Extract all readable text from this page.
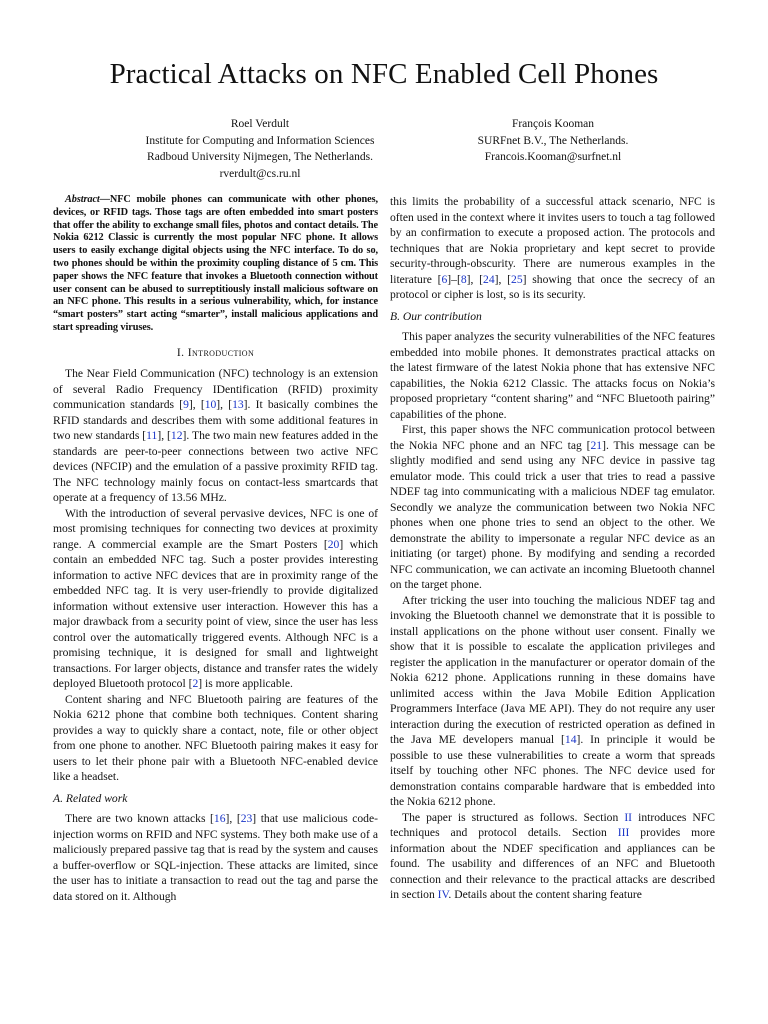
Practical Attacks on NFC Enabled Cell Phones
Roel Verdult
Institute for Computing and Information Sciences
Radboud University Nijmegen, The Netherlands.
rverdult@cs.ru.nl
François Kooman
SURFnet B.V., The Netherlands.
Francois.Kooman@surfnet.nl

Abstract—NFC mobile phones can communicate with other phones, devices, or RFID tags. Those tags are often embedded into smart posters that offer the ability to exchange small files, photos and contact details. The Nokia 6212 Classic is currently the most popular NFC phone. It allows users to easily exchange digital objects using the NFC interface. To do so, two phones should be within the proximity coupling distance of 5 cm. This paper shows the NFC feature that invokes a Bluetooth connection without user consent can be abused to surreptitiously install malicious software on an NFC phone. This results in a serious vulnerability, which, for instance “smart posters” start acting “smarter”, install malicious applications and start spreading viruses.

I. Introduction

The Near Field Communication (NFC) technology is an extension of several Radio Frequency IDentification (RFID) proximity communication standards [9], [10], [13]. It basically combines the RFID standards and describes them with some additional features in two new standards [11], [12]. The two main new features added in the standards are peer-to-peer connections between two active NFC devices (NFCIP) and the emulation of a passive proximity RFID tag. The NFC technology mainly focus on contact-less smartcards that operate at a frequency of 13.56 MHz.

With the introduction of several pervasive devices, NFC is one of most promising techniques for connecting two devices at proximity range. A commercial example are the Smart Posters [20] which contain an embedded NFC tag. Such a poster provides interesting information to active NFC devices that are in proximity range of the embedded NFC tag. It is very user-friendly to provide digitalized information without extensive user interaction. However this has a major drawback from a security point of view, since the user has less control over the automatically triggered events. Although NFC is a promising technique, it is designed for small and lightweight transactions. For larger objects, distance and transfer rates the widely deployed Bluetooth protocol [2] is more applicable.

Content sharing and NFC Bluetooth pairing are features of the Nokia 6212 phone that combine both techniques. Content sharing provides a way to quickly share a contact, note, file or other object from one phone to another. NFC Bluetooth pairing makes it easy for users to let their phone pair with a Bluetooth NFC-enabled device like a headset.

A. Related work

There are two known attacks [16], [23] that use malicious code-injection worms on RFID and NFC systems. They both make use of a maliciously prepared passive tag that is read by the system and causes a buffer-overflow or SQL-injection. These attacks are limited, since the user has to initiate a transaction to read out the tag and parse the data stored on it. Although

this limits the probability of a successful attack scenario, NFC is often used in the context where it invites users to touch a tag followed by an confirmation to execute a proposed action. The protocols and techniques that are Nokia proprietary and kept secret to provide security-through-obscurity. There are numerous examples in the literature [6]–[8], [24], [25] showing that once the secrecy of an protocol or cipher is lost, so is its security.

B. Our contribution

This paper analyzes the security vulnerabilities of the NFC features embedded into mobile phones. It demonstrates practical attacks on the latest firmware of the latest Nokia phone that has extensive NFC capabilities, the Nokia 6212 Classic. The attacks focus on Nokia’s proposed proprietary “content sharing” and “NFC Bluetooth pairing” capabilities of the phone.

First, this paper shows the NFC communication protocol between the Nokia NFC phone and an NFC tag [21]. This message can be slightly modified and send using any NFC device in passive tag emulator mode. This could trick a user that tries to read a passive NDEF tag into communicating with a malicious NDEF tag emulator. Secondly we analyze the communication between two Nokia NFC phones when one phone tries to send an object to the other. We demonstrate the ability to impersonate a regular NFC device as an initiating (or target) phone. By modifying and sending a recorded NFC communication, we can activate an incoming Bluetooth channel on the target phone.

After tricking the user into touching the malicious NDEF tag and invoking the Bluetooth channel we demonstrate that it is possible to install applications on the phone without user consent. Finally we show that it is possible to escalate the application privileges and register the application in the manufacturer or operator domain of the Nokia 6212 phone. Applications running in these domains have unlimited access within the Java Mobile Edition Application Programmers Interface (Java ME API). They do not require any user interaction during the execution of restricted operation as defined in the Java ME developers manual [14]. In principle it would be possible to use these vulnerabilities to create a worm that spreads itself by touching other NFC phones. The NFC device used for demonstration contains comparable hardware that is embedded into the Nokia 6212 phone.

The paper is structured as follows. Section II introduces NFC techniques and protocol details. Section III provides more information about the NDEF specification and appliances can be found. The usability and differences of an NFC and Bluetooth connection and their relevance to the practical attacks are described in section IV. Details about the content sharing feature
